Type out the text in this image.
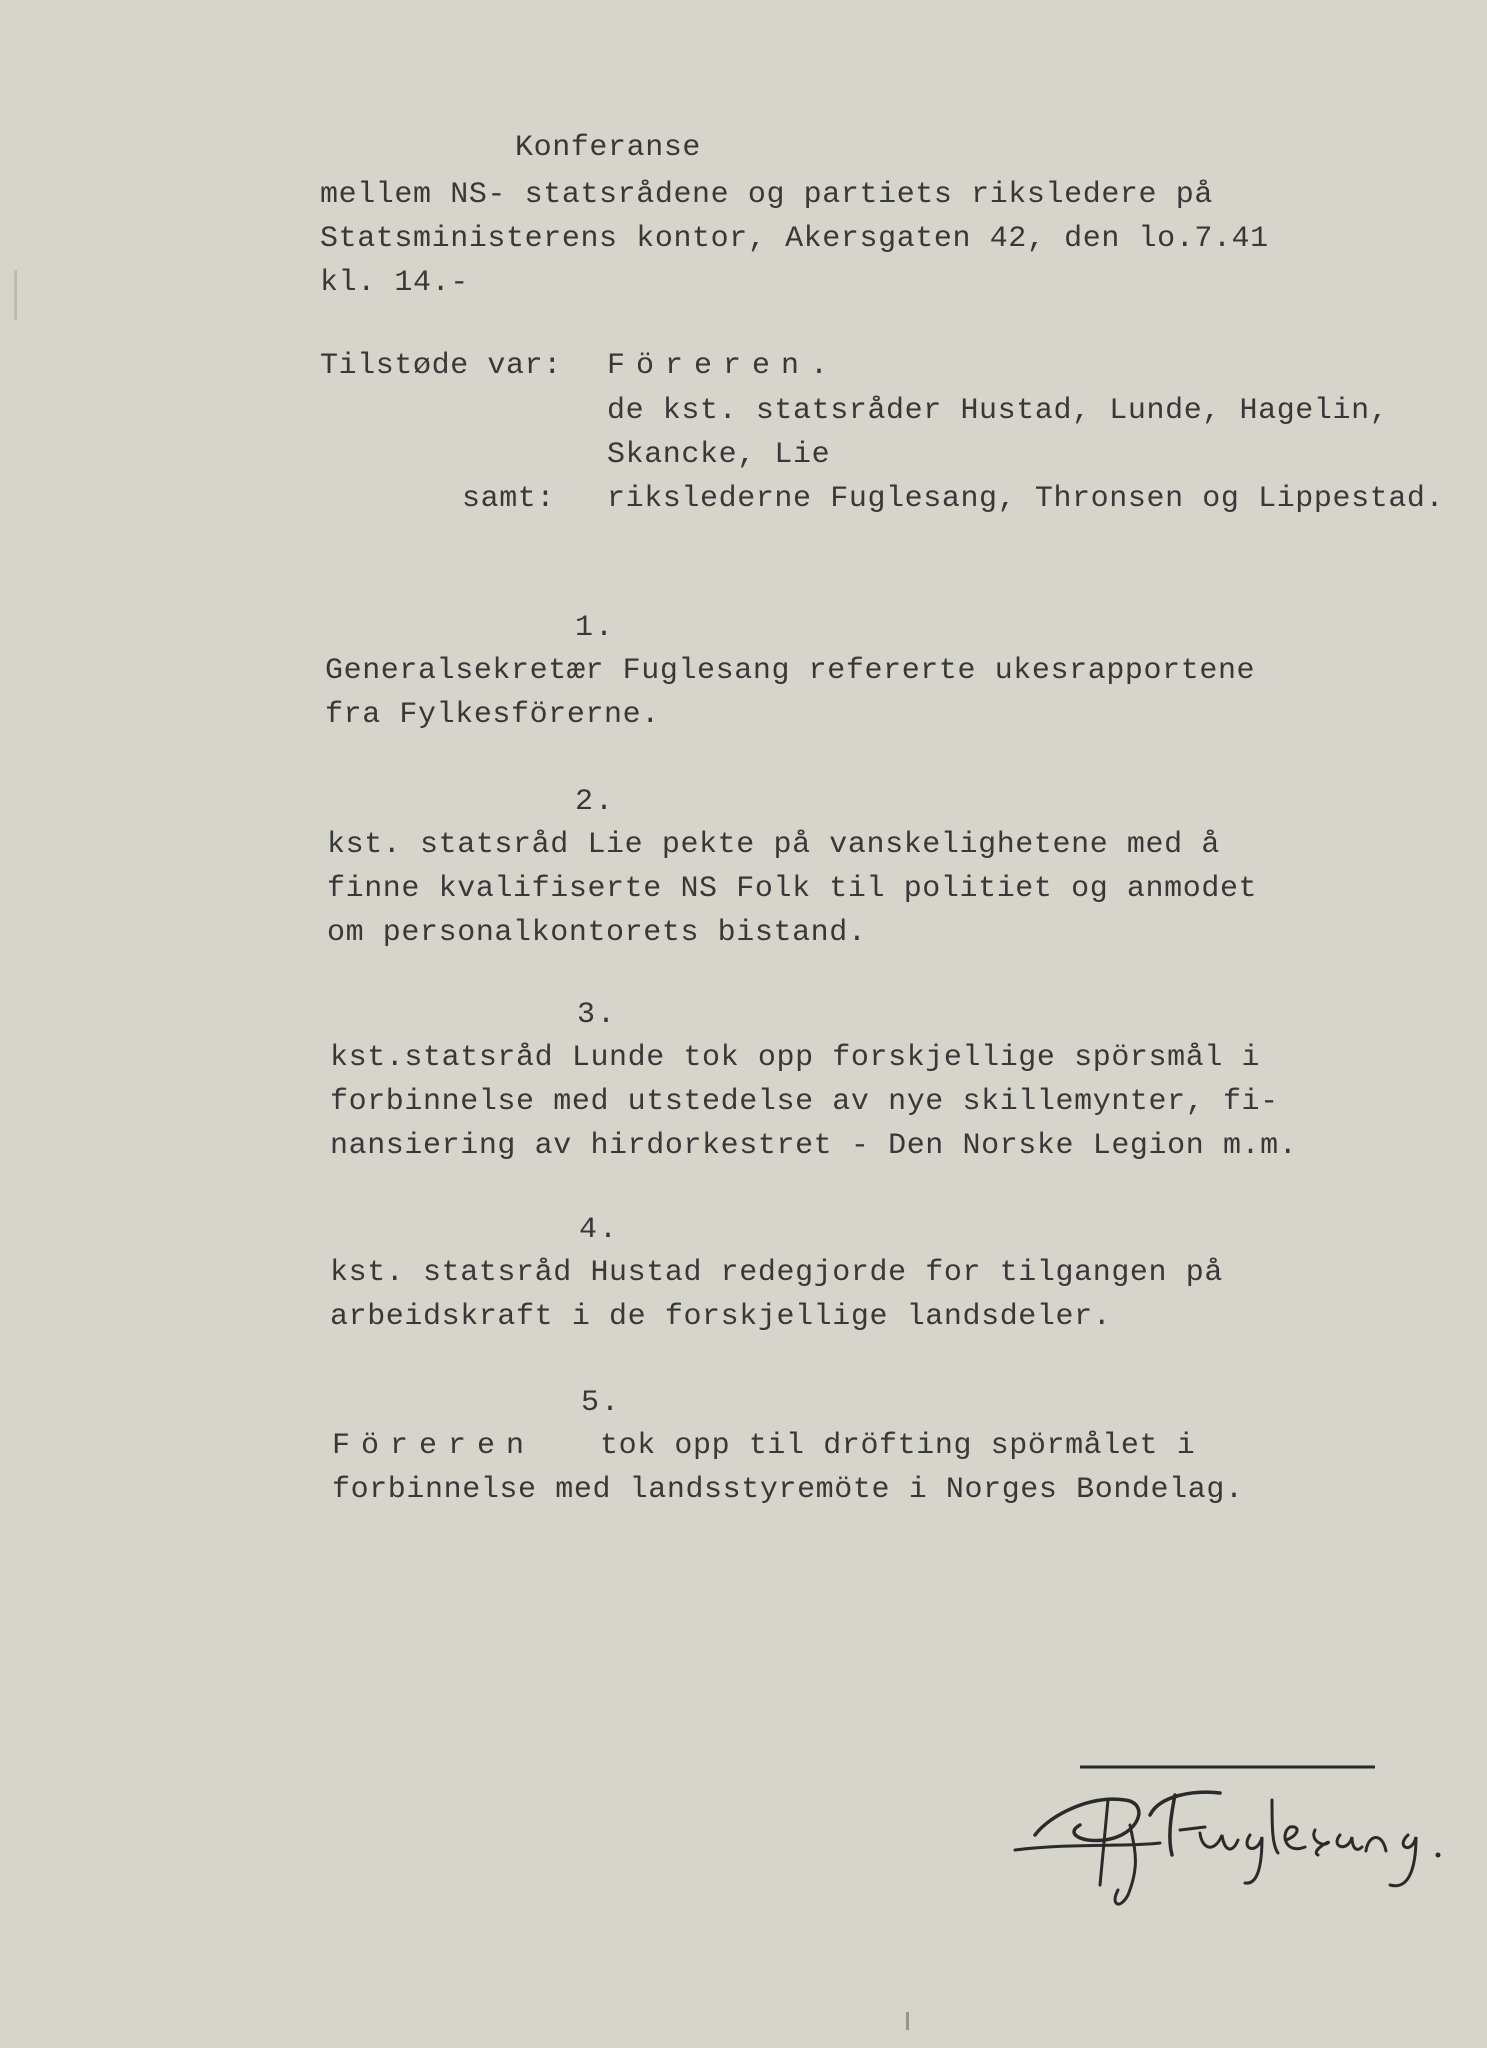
Konferanse
mellem NS- statsrådene og partiets riksledere på
Statsministerens kontor, Akersgaten 42, den lo.7.41
kl. 14.-
Tilstøde var: Föreren.
de kst. statsråder Hustad, Lunde, Hagelin,
Skancke, Lie
samt: rikslederne Fuglesang, Thronsen og Lippestad.
1.
Generalsekretær Fuglesang refererte ukesrapportene
fra Fylkesförerne.
2.
kst. statsråd Lie pekte på vanskelighetene med å
finne kvalifiserte NS Folk til politiet og anmodet
om personalkontorets bistand.
3.
kst.statsråd Lunde tok opp forskjellige spörsmål i
forbinnelse med utstedelse av nye skillemynter, fi-
nansiering av hirdorkestret - Den Norske Legion m.m.
4.
kst. statsråd Hustad redegjorde for tilgangen på
arbeidskraft i de forskjellige landsdeler.
5.
Föreren tok opp til dröfting spörmålet i
forbinnelse med landsstyremöte i Norges Bondelag.
